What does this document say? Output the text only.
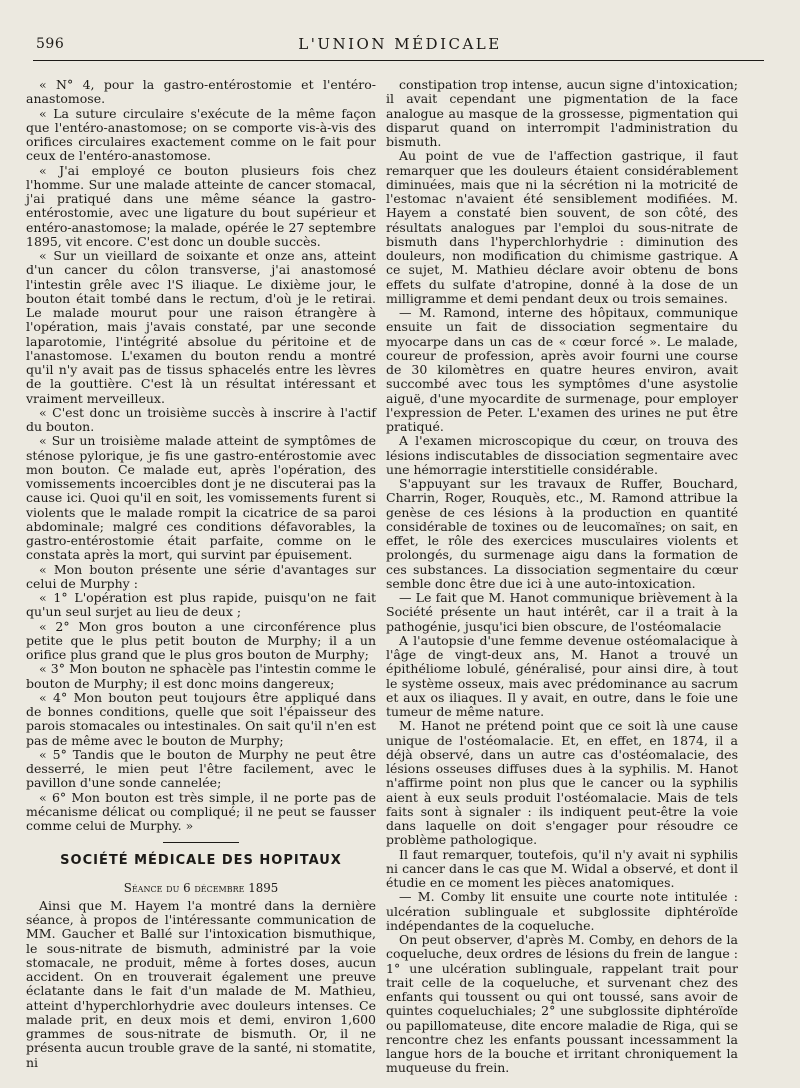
596	L'UNION MÉDICALE

« N° 4, pour la gastro-entérostomie et l'entéro-anastomose.

« La suture circulaire s'exécute de la même façon que l'entéro-anastomose; on se comporte vis-à-vis des orifices circulaires exactement comme on le fait pour ceux de l'entéro-anastomose.

« J'ai employé ce bouton plusieurs fois chez l'homme. Sur une malade atteinte de cancer stomacal, j'ai pratiqué dans une même séance la gastro-entérostomie, avec une ligature du bout supérieur et entéro-anastomose; la malade, opérée le 27 septembre 1895, vit encore. C'est donc un double succès.

« Sur un vieillard de soixante et onze ans, atteint d'un cancer du côlon transverse, j'ai anastomosé l'intestin grêle avec l'S iliaque. Le dixième jour, le bouton était tombé dans le rectum, d'où je le retirai. Le malade mourut pour une raison étrangère à l'opération, mais j'avais constaté, par une seconde laparotomie, l'intégrité absolue du péritoine et de l'anastomose. L'examen du bouton rendu a montré qu'il n'y avait pas de tissus sphacelés entre les lèvres de la gouttière. C'est là un résultat intéressant et vraiment merveilleux.

« C'est donc un troisième succès à inscrire à l'actif du bouton.

« Sur un troisième malade atteint de symptômes de sténose pylorique, je fis une gastro-entérostomie avec mon bouton. Ce malade eut, après l'opération, des vomissements incoercibles dont je ne discuterai pas la cause ici. Quoi qu'il en soit, les vomissements furent si violents que le malade rompit la cicatrice de sa paroi abdominale; malgré ces conditions défavorables, la gastro-entérostomie était parfaite, comme on le constata après la mort, qui survint par épuisement.

« Mon bouton présente une série d'avantages sur celui de Murphy :

« 1° L'opération est plus rapide, puisqu'on ne fait qu'un seul surjet au lieu de deux ;

« 2° Mon gros bouton a une circonférence plus petite que le plus petit bouton de Murphy; il a un orifice plus grand que le plus gros bouton de Murphy;

« 3° Mon bouton ne sphacèle pas l'intestin comme le bouton de Murphy; il est donc moins dangereux;

« 4° Mon bouton peut toujours être appliqué dans de bonnes conditions, quelle que soit l'épaisseur des parois stomacales ou intestinales. On sait qu'il n'en est pas de même avec le bouton de Murphy;

« 5° Tandis que le bouton de Murphy ne peut être desserré, le mien peut l'être facilement, avec le pavillon d'une sonde cannelée;

« 6° Mon bouton est très simple, il ne porte pas de mécanisme délicat ou compliqué; il ne peut se fausser comme celui de Murphy. »

SOCIÉTÉ MÉDICALE DES HOPITAUX

Séance du 6 décembre 1895

Ainsi que M. Hayem l'a montré dans la dernière séance, à propos de l'intéressante communication de MM. Gaucher et Ballé sur l'intoxication bismuthique, le sous-nitrate de bismuth, administré par la voie stomacale, ne produit, même à fortes doses, aucun accident. On en trouverait également une preuve éclatante dans le fait d'un malade de M. Mathieu, atteint d'hyperchlorhydrie avec douleurs intenses. Ce malade prit, en deux mois et demi, environ 1,600 grammes de sous-nitrate de bismuth. Or, il ne présenta aucun trouble grave de la santé, ni stomatite, ni

constipation trop intense, aucun signe d'intoxication; il avait cependant une pigmentation de la face analogue au masque de la grossesse, pigmentation qui disparut quand on interrompit l'administration du bismuth.

Au point de vue de l'affection gastrique, il faut remarquer que les douleurs étaient considérablement diminuées, mais que ni la sécrétion ni la motricité de l'estomac n'avaient été sensiblement modifiées. M. Hayem a constaté bien souvent, de son côté, des résultats analogues par l'emploi du sous-nitrate de bismuth dans l'hyperchlorhydrie : diminution des douleurs, non modification du chimisme gastrique. A ce sujet, M. Mathieu déclare avoir obtenu de bons effets du sulfate d'atropine, donné à la dose de un milligramme et demi pendant deux ou trois semaines.

— M. Ramond, interne des hôpitaux, communique ensuite un fait de dissociation segmentaire du myocarpe dans un cas de « cœur forcé ». Le malade, coureur de profession, après avoir fourni une course de 30 kilomètres en quatre heures environ, avait succombé avec tous les symptômes d'une asystolie aiguë, d'une myocardite de surmenage, pour employer l'expression de Peter. L'examen des urines ne put être pratiqué.

A l'examen microscopique du cœur, on trouva des lésions indiscutables de dissociation segmentaire avec une hémorragie interstitielle considérable.

S'appuyant sur les travaux de Ruffer, Bouchard, Charrin, Roger, Rouquès, etc., M. Ramond attribue la genèse de ces lésions à la production en quantité considérable de toxines ou de leucomaïnes; on sait, en effet, le rôle des exercices musculaires violents et prolongés, du surmenage aigu dans la formation de ces substances. La dissociation segmentaire du cœur semble donc être due ici à une auto-intoxication.

— Le fait que M. Hanot communique brièvement à la Société présente un haut intérêt, car il a trait à la pathogénie, jusqu'ici bien obscure, de l'ostéomalacie

A l'autopsie d'une femme devenue ostéomalacique à l'âge de vingt-deux ans, M. Hanot a trouvé un épithéliome lobulé, généralisé, pour ainsi dire, à tout le système osseux, mais avec prédominance au sacrum et aux os iliaques. Il y avait, en outre, dans le foie une tumeur de même nature.

M. Hanot ne prétend point que ce soit là une cause unique de l'ostéomalacie. Et, en effet, en 1874, il a déjà observé, dans un autre cas d'ostéomalacie, des lésions osseuses diffuses dues à la syphilis. M. Hanot n'affirme point non plus que le cancer ou la syphilis aient à eux seuls produit l'ostéomalacie. Mais de tels faits sont à signaler : ils indiquent peut-être la voie dans laquelle on doit s'engager pour résoudre ce problème pathologique.

Il faut remarquer, toutefois, qu'il n'y avait ni syphilis ni cancer dans le cas que M. Widal a observé, et dont il étudie en ce moment les pièces anatomiques.

— M. Comby lit ensuite une courte note intitulée : ulcération sublinguale et subglossite diphtéroïde indépendantes de la coqueluche.

On peut observer, d'après M. Comby, en dehors de la coqueluche, deux ordres de lésions du frein de langue : 1° une ulcération sublinguale, rappelant trait pour trait celle de la coqueluche, et survenant chez des enfants qui toussent ou qui ont toussé, sans avoir de quintes coqueluchiales; 2° une subglossite diphtéroïde ou papillomateuse, dite encore maladie de Riga, qui se rencontre chez les enfants poussant incessamment la langue hors de la bouche et irritant chroniquement la muqueuse du frein.
